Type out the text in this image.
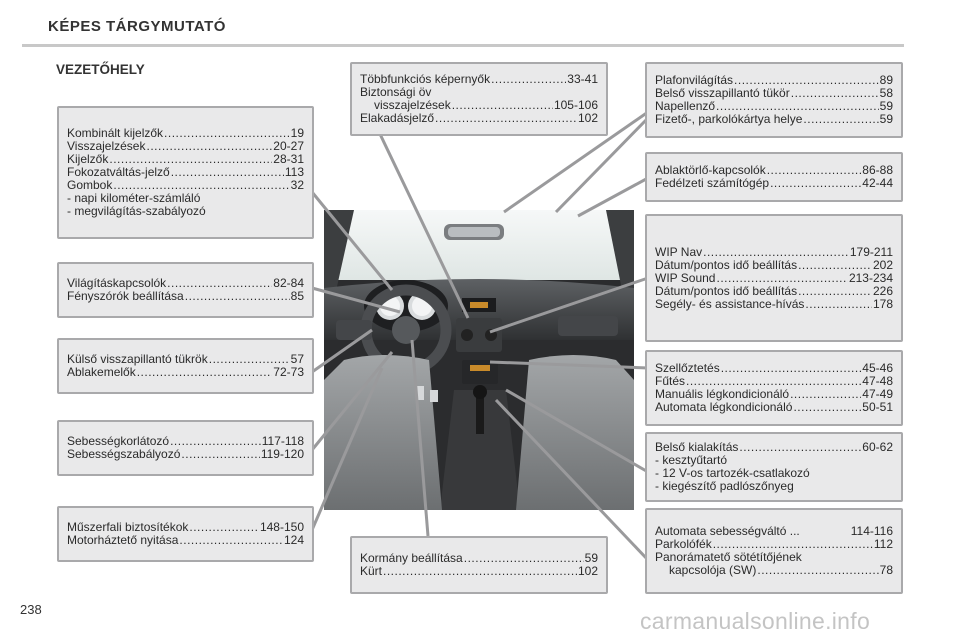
KÉPES TÁRGYMUTATÓ
VEZETŐHELY
Kombinált kijelzők .....	19
Visszajelzések .....	20-27
Kijelzők .....	28-31
Fokozatváltás-jelző .....	113
Gombok .....	32
- napi kilométer-számláló
- megvilágítás-szabályozó
Világításkapcsolók .....	82-84
Fényszórók beállítása .....	85
Külső visszapillantó tükrök .....	57
Ablakemelők .....	72-73
Sebességkorlátozó .....	117-118
Sebességszabályozó .....	119-120
Műszerfali biztosítékok .....	148-150
Motorháztető nyitása .....	124
Többfunkciós képernyők .....	33-41
Biztonsági öv
visszajelzések .....	105-106
Elakadásjelző .....	102
Kormány beállítása .....	59
Kürt .....	102
Plafonvilágítás .....	89
Belső visszapillantó tükör .....	58
Napellenző .....	59
Fizető-, parkolókártya helye .....	59
Ablaktörlő-kapcsolók .....	86-88
Fedélzeti számítógép .....	42-44
WIP Nav .....	179-211
Dátum/pontos idő beállítás .....	202
WIP Sound .....	213-234
Dátum/pontos idő beállítás .....	226
Segély- és assistance-hívás .....	178
Szellőztetés .....	45-46
Fűtés .....	47-48
Manuális légkondicionáló .....	47-49
Automata légkondicionáló .....	50-51
Belső kialakítás .....	60-62
- kesztyűtartó
- 12 V-os tartozék-csatlakozó
- kiegészítő padlószőnyeg
Automata sebességváltó ...	114-116
Parkolófék .....	112
Panorámatető sötétítőjének
kapcsolója (SW) .....	78
238	carmanualsonline.info
